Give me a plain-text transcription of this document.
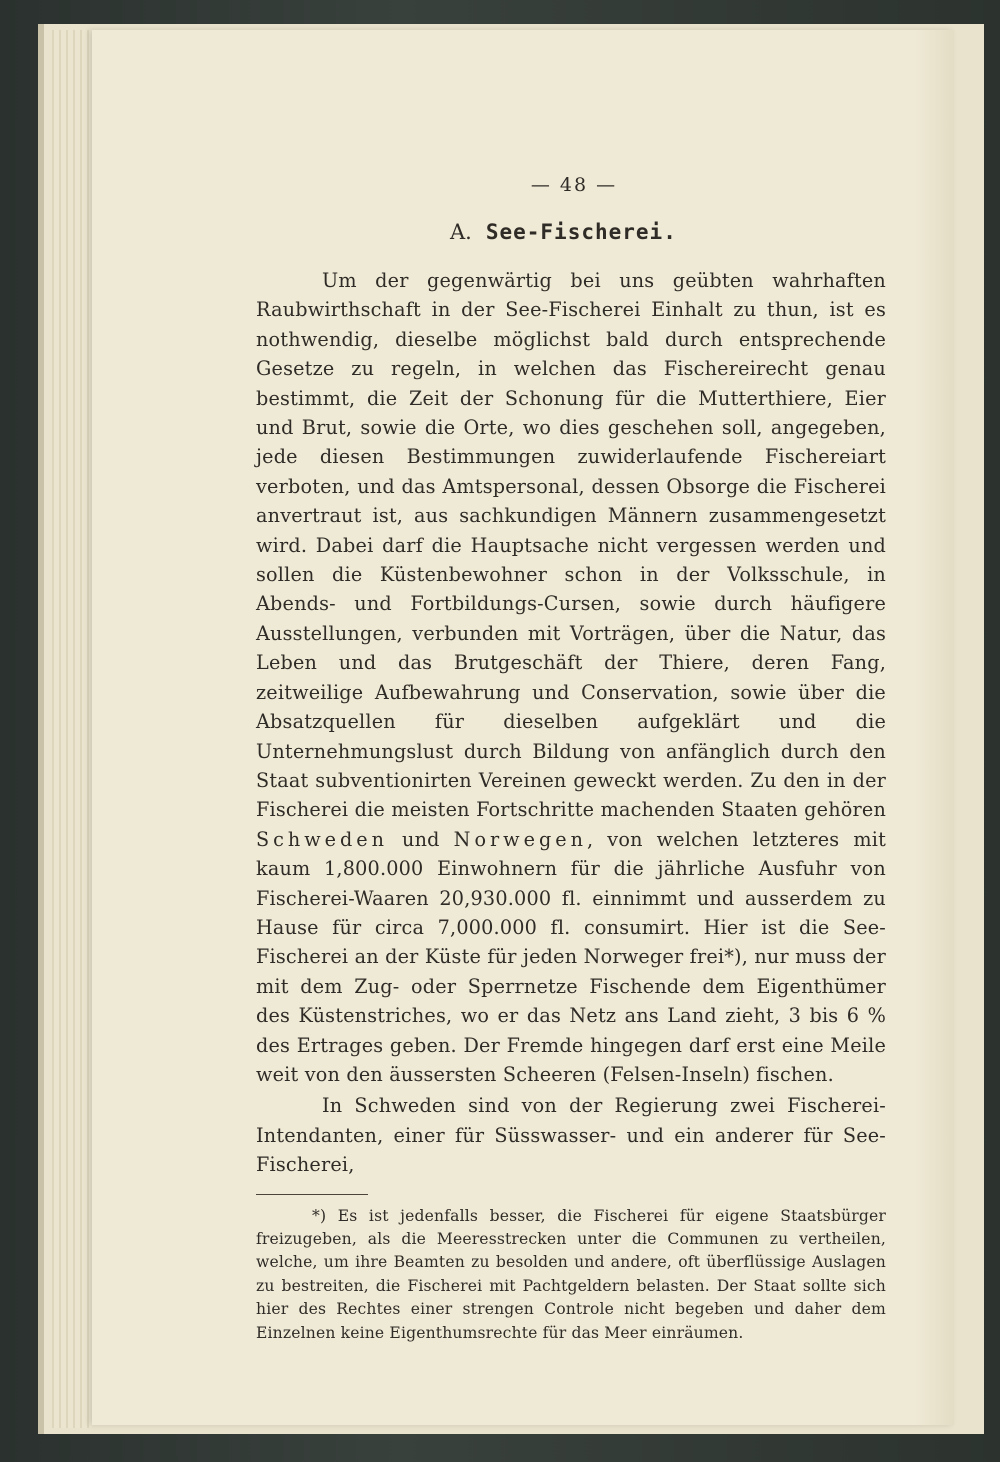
— 48 —
A. See-Fischerei.

Um der gegenwärtig bei uns geübten wahrhaften Raubwirthschaft in der See-Fischerei Einhalt zu thun, ist es nothwendig, dieselbe möglichst bald durch entsprechende Gesetze zu regeln, in welchen das Fischereirecht genau bestimmt, die Zeit der Schonung für die Mutterthiere, Eier und Brut, sowie die Orte, wo dies geschehen soll, angegeben, jede diesen Bestimmungen zuwiderlaufende Fischereiart verboten, und das Amtspersonal, dessen Obsorge die Fischerei anvertraut ist, aus sachkundigen Männern zusammengesetzt wird. Dabei darf die Hauptsache nicht vergessen werden und sollen die Küstenbewohner schon in der Volksschule, in Abends- und Fortbildungs-Cursen, sowie durch häufigere Ausstellungen, verbunden mit Vorträgen, über die Natur, das Leben und das Brutgeschäft der Thiere, deren Fang, zeitweilige Aufbewahrung und Conservation, sowie über die Absatzquellen für dieselben aufgeklärt und die Unternehmungslust durch Bildung von anfänglich durch den Staat subventionirten Vereinen geweckt werden. Zu den in der Fischerei die meisten Fortschritte machenden Staaten gehören Schweden und Norwegen, von welchen letzteres mit kaum 1,800.000 Einwohnern für die jährliche Ausfuhr von Fischerei-Waaren 20,930.000 fl. einnimmt und ausserdem zu Hause für circa 7,000.000 fl. consumirt. Hier ist die See-Fischerei an der Küste für jeden Norweger frei*), nur muss der mit dem Zug- oder Sperrnetze Fischende dem Eigenthümer des Küstenstriches, wo er das Netz ans Land zieht, 3 bis 6 % des Ertrages geben. Der Fremde hingegen darf erst eine Meile weit von den äussersten Scheeren (Felsen-Inseln) fischen.

In Schweden sind von der Regierung zwei Fischerei-Intendanten, einer für Süsswasser- und ein anderer für See-Fischerei,

*) Es ist jedenfalls besser, die Fischerei für eigene Staatsbürger freizugeben, als die Meeresstrecken unter die Communen zu vertheilen, welche, um ihre Beamten zu besolden und andere, oft überflüssige Auslagen zu bestreiten, die Fischerei mit Pachtgeldern belasten. Der Staat sollte sich hier des Rechtes einer strengen Controle nicht begeben und daher dem Einzelnen keine Eigenthumsrechte für das Meer einräumen.
